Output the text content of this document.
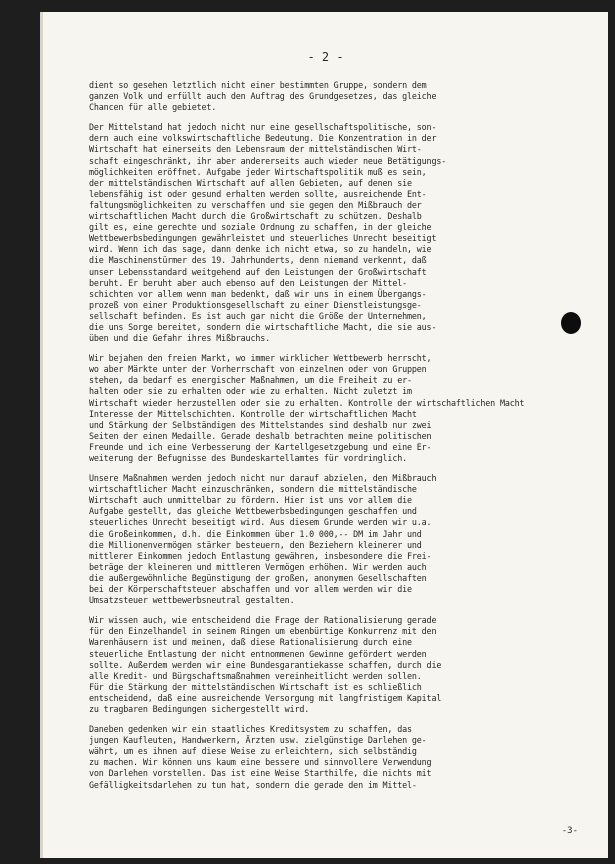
- 2 -

dient so gesehen letztlich nicht einer bestimmten Gruppe, sondern dem
ganzen Volk und erfüllt auch den Auftrag des Grundgesetzes, das gleiche
Chancen für alle gebietet.

Der Mittelstand hat jedoch nicht nur eine gesellschaftspolitische, son-
dern auch eine volkswirtschaftliche Bedeutung. Die Konzentration in der
Wirtschaft hat einerseits den Lebensraum der mittelständischen Wirt-
schaft eingeschränkt, ihr aber andererseits auch wieder neue Betätigungs-
möglichkeiten eröffnet. Aufgabe jeder Wirtschaftspolitik muß es sein,
der mittelständischen Wirtschaft auf allen Gebieten, auf denen sie
lebensfähig ist oder gesund erhalten werden sollte, ausreichende Ent-
faltungsmöglichkeiten zu verschaffen und sie gegen den Mißbrauch der
wirtschaftlichen Macht durch die Großwirtschaft zu schützen. Deshalb
gilt es, eine gerechte und soziale Ordnung zu schaffen, in der gleiche
Wettbewerbsbedingungen gewährleistet und steuerliches Unrecht beseitigt
wird. Wenn ich das sage, dann denke ich nicht etwa, so zu handeln, wie
die Maschinenstürmer des 19. Jahrhunderts, denn niemand verkennt, daß
unser Lebensstandard weitgehend auf den Leistungen der Großwirtschaft
beruht. Er beruht aber auch ebenso auf den Leistungen der Mittel-
schichten vor allem wenn man bedenkt, daß wir uns in einem Übergangs-
prozeß von einer Produktionsgesellschaft zu einer Dienstleistungsge-
sellschaft befinden. Es ist auch gar nicht die Größe der Unternehmen,
die uns Sorge bereitet, sondern die wirtschaftliche Macht, die sie aus-
üben und die Gefahr ihres Mißbrauchs.

Wir bejahen den freien Markt, wo immer wirklicher Wettbewerb herrscht,
wo aber Märkte unter der Vorherrschaft von einzelnen oder von Gruppen
stehen, da bedarf es energischer Maßnahmen, um die Freiheit zu er-
halten oder sie zu erhalten oder wie zu erhalten. Nicht zuletzt im
Wirtschaft wieder herzustellen oder sie zu erhalten. Kontrolle der wirtschaftlichen Macht
Interesse der Mittelschichten. Kontrolle der wirtschaftlichen Macht
und Stärkung der Selbständigen des Mittelstandes sind deshalb nur zwei
Seiten der einen Medaille. Gerade deshalb betrachten meine politischen
Freunde und ich eine Verbesserung der Kartellgesetzgebung und eine Er-
weiterung der Befugnisse des Bundeskartellamtes für vordringlich.

Unsere Maßnahmen werden jedoch nicht nur darauf abzielen, den Mißbrauch
wirtschaftlicher Macht einzuschränken, sondern die mittelständische
Wirtschaft auch unmittelbar zu fördern. Hier ist uns vor allem die
Aufgabe gestellt, das gleiche Wettbewerbsbedingungen geschaffen und
steuerliches Unrecht beseitigt wird. Aus diesem Grunde werden wir u.a.
die Großeinkommen, d.h. die Einkommen über 1.0 000,-- DM im Jahr und
die Millionenvermögen stärker besteuern, den Beziehern kleinerer und
mittlerer Einkommen jedoch Entlastung gewähren, insbesondere die Frei-
beträge der kleineren und mittleren Vermögen erhöhen. Wir werden auch
die außergewöhnliche Begünstigung der großen, anonymen Gesellschaften
bei der Körperschaftsteuer abschaffen und vor allem werden wir die
Umsatzsteuer wettbewerbsneutral gestalten.

Wir wissen auch, wie entscheidend die Frage der Rationalisierung gerade
für den Einzelhandel in seinem Ringen um ebenbürtige Konkurrenz mit den
Warenhäusern ist und meinen, daß diese Rationalisierung durch eine
steuerliche Entlastung der nicht entnommenen Gewinne gefördert werden
sollte. Außerdem werden wir eine Bundesgarantiekasse schaffen, durch die
alle Kredit- und Bürgschaftsmaßnahmen vereinheitlicht werden sollen.
Für die Stärkung der mittelständischen Wirtschaft ist es schließlich
entscheidend, daß eine ausreichende Versorgung mit langfristigem Kapital
zu tragbaren Bedingungen sichergestellt wird.

Daneben gedenken wir ein staatliches Kreditsystem zu schaffen, das
jungen Kaufleuten, Handwerkern, Ärzten usw. zielgünstige Darlehen ge-
währt, um es ihnen auf diese Weise zu erleichtern, sich selbständig
zu machen. Wir können uns kaum eine bessere und sinnvollere Verwendung
von Darlehen vorstellen. Das ist eine Weise Starthilfe, die nichts mit
Gefälligkeitsdarlehen zu tun hat, sondern die gerade den im Mittel-

-3-
